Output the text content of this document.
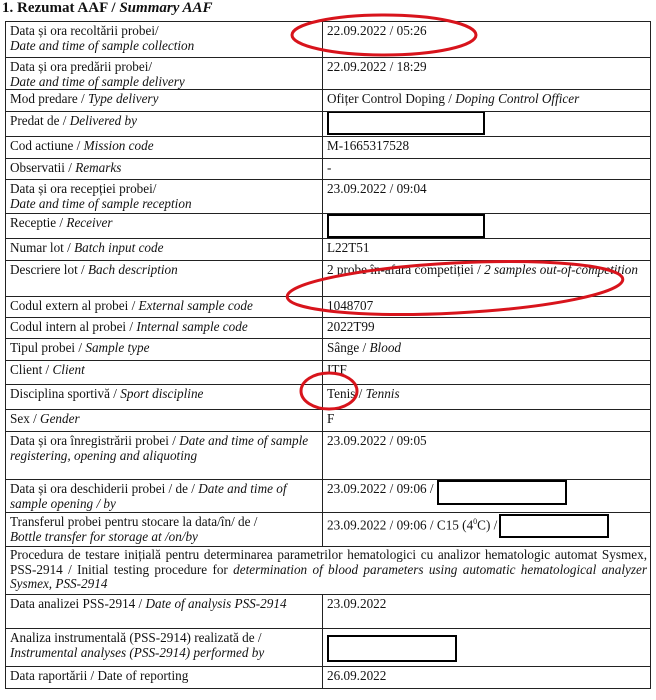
1. Rezumat AAF / Summary AAF
Data și ora recoltării probei/
Date and time of sample collection	22.09.2022 / 05:26
Data și ora predării probei/
Date and time of sample delivery	22.09.2022 / 18:29
Mod predare / Type delivery	Ofițer Control Doping / Doping Control Officer
Predat de / Delivered by	
Cod actiune / Mission code	M-1665317528
Observatii / Remarks	-
Data și ora recepției probei/
Date and time of sample reception	23.09.2022 / 09:04
Receptie / Receiver	
Numar lot / Batch input code	L22T51
Descriere lot / Bach description	2 probe în-afara competiției / 2 samples out-of-competition
Codul extern al probei / External sample code	1048707
Codul intern al probei / Internal sample code	2022T99
Tipul probei / Sample type	Sânge / Blood
Client / Client	ITF
Disciplina sportivă / Sport discipline	Tenis / Tennis
Sex / Gender	F
Data și ora înregistrării probei / Date and time of sample registering, opening and aliquoting	23.09.2022 / 09:05
Data și ora deschiderii probei / de / Date and time of sample opening / by	23.09.2022 / 09:06 /
Transferul probei pentru stocare la data/în/ de /
Bottle transfer for storage at /on/by	23.09.2022 / 09:06 / C15 $(4^0C)$ /
Procedura de testare inițială pentru determinarea parametrilor hematologici cu analizor hematologic automat Sysmex, PSS-2914 / Initial testing procedure for determination of blood parameters using automatic hematological analyzer Sysmex, PSS-2914	
Data analizei PSS-2914 / Date of analysis PSS-2914	23.09.2022
Analiza instrumentală (PSS-2914) realizată de /
Instrumental analyses (PSS-2914) performed by	
Data raportării / Date of reporting	26.09.2022
